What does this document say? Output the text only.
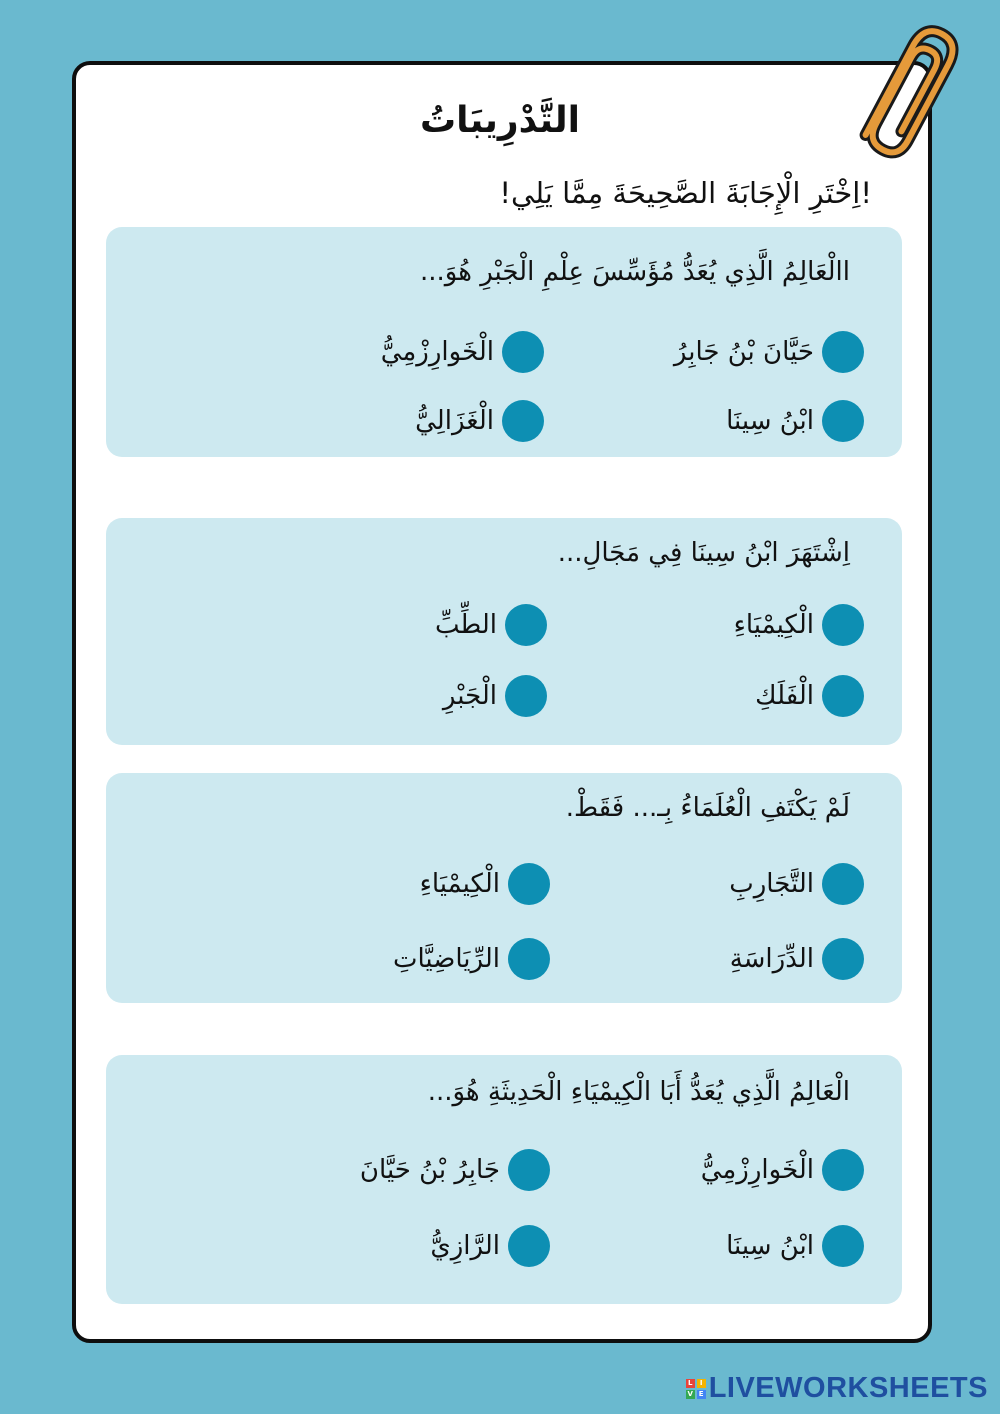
التَّدْرِيبَاتُ
!اِخْتَرِ الْإِجَابَةَ الصَّحِيحَةَ مِمَّا يَلِي!
االْعَالِمُ الَّذِي يُعَدُّ مُؤَسِّسَ عِلْمِ الْجَبْرِ هُوَ...
حَيَّانَ بْنُ جَابِرُ
الْخَوارِزْمِيُّ
ابْنُ سِينَا
الْغَزَالِيُّ
اِشْتَهَرَ ابْنُ سِينَا فِي مَجَالِ...
الْكِيمْيَاءِ
الطِّبِّ
الْفَلَكِ
الْجَبْرِ
لَمْ يَكْتَفِ الْعُلَمَاءُ بِـ... فَقَطْ.
التَّجَارِبِ
الْكِيمْيَاءِ
الدِّرَاسَةِ
الرِّيَاضِيَّاتِ
الْعَالِمُ الَّذِي يُعَدُّ أَبَا الْكِيمْيَاءِ الْحَدِيثَةِ هُوَ...
الْخَوارِزْمِيُّ
جَابِرُ بْنُ حَيَّانَ
ابْنُ سِينَا
الرَّازِيُّ
L	I
V E LIVEWORKSHEETS
